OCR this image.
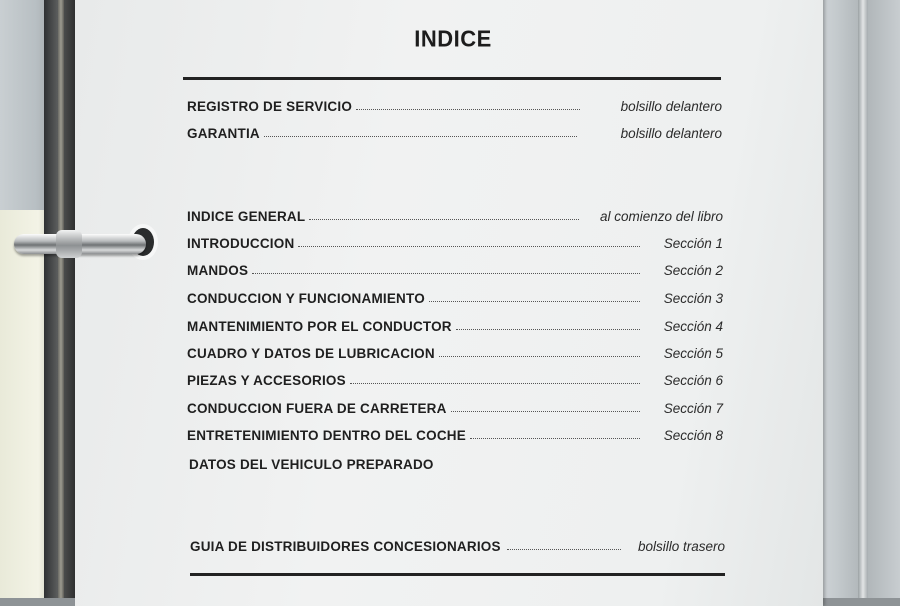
INDICE
REGISTRO DE SERVICIO	bolsillo delantero
GARANTIA	bolsillo delantero
INDICE GENERAL	al comienzo del libro
INTRODUCCION	Sección 1
MANDOS	Sección 2
CONDUCCION Y FUNCIONAMIENTO	Sección 3
MANTENIMIENTO POR EL CONDUCTOR	Sección 4
CUADRO Y DATOS DE LUBRICACION	Sección 5
PIEZAS Y ACCESORIOS	Sección 6
CONDUCCION FUERA DE CARRETERA	Sección 7
ENTRETENIMIENTO DENTRO DEL COCHE	Sección 8
DATOS DEL VEHICULO PREPARADO
GUIA DE DISTRIBUIDORES CONCESIONARIOS	bolsillo trasero
